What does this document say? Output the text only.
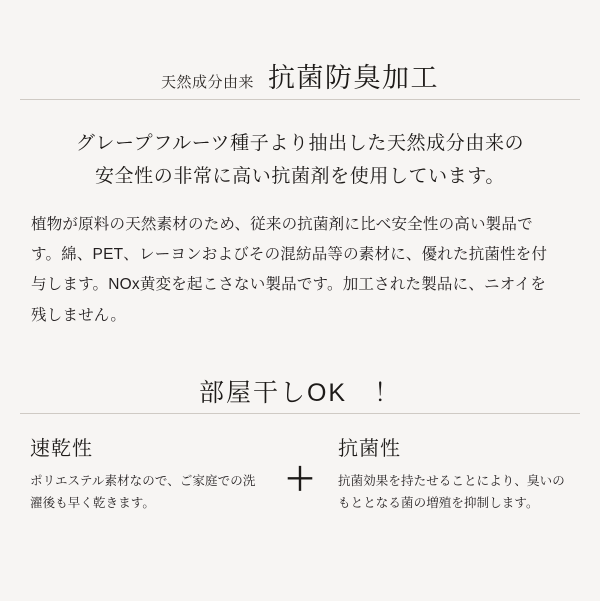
天然成分由来 抗菌防臭加工
グレープフルーツ種子より抽出した天然成分由来の
安全性の非常に高い抗菌剤を使用しています。
植物が原料の天然素材のため、従来の抗菌剤に比べ安全性の高い製品です。綿、PET、レーヨンおよびその混紡品等の素材に、優れた抗菌性を付与します。NOx黄変を起こさない製品です。加工された製品に、ニオイを残しません。
部屋干しOK　！
速乾性
ポリエステル素材なので、ご家庭での洗濯後も早く乾きます。
＋
抗菌性
抗菌効果を持たせることにより、臭いのもととなる菌の増殖を抑制します。
